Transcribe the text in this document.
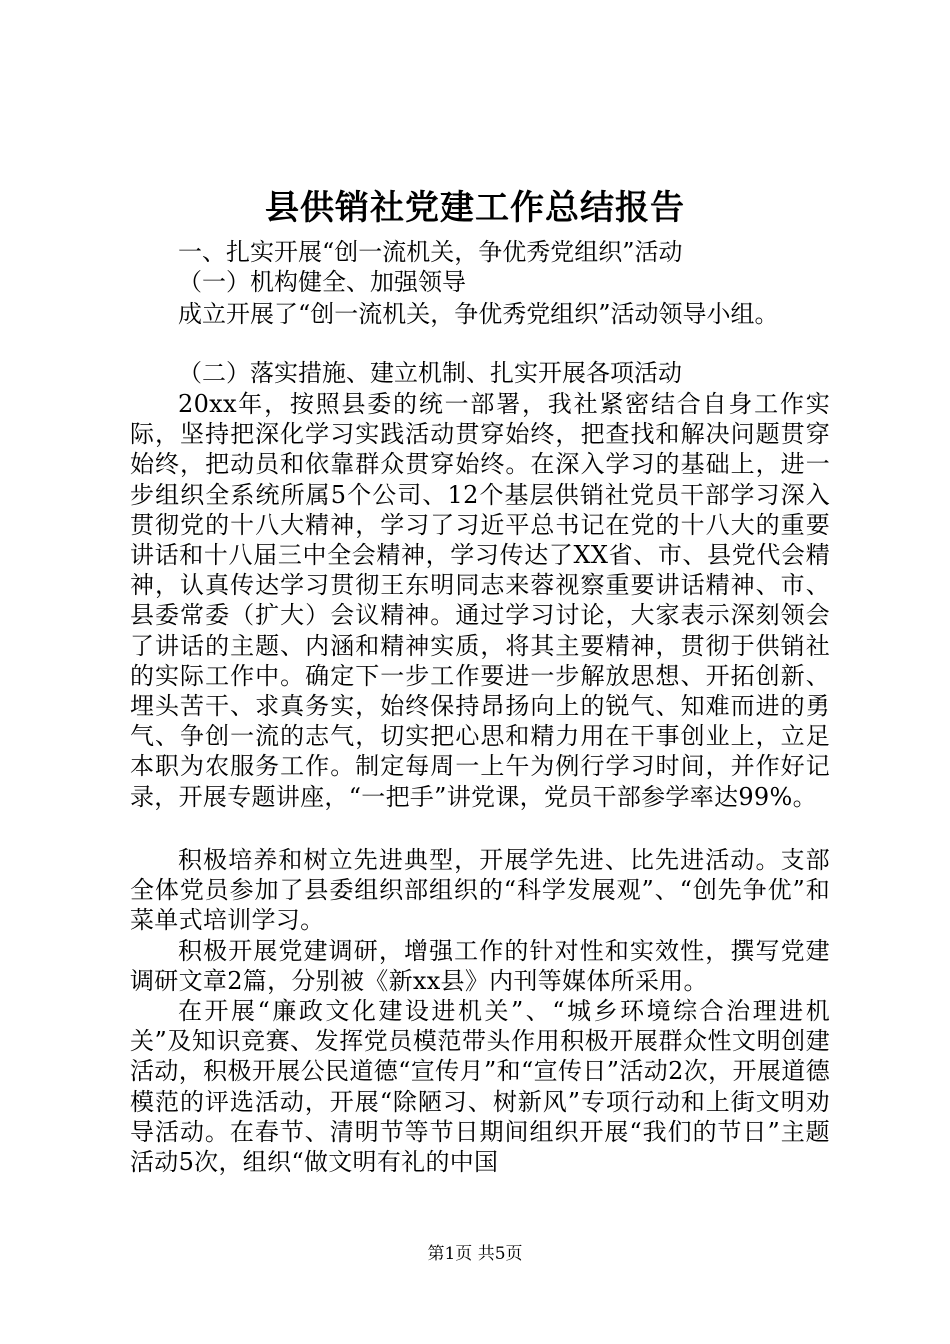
县供销社党建工作总结报告

一、扎实开展“创一流机关，争优秀党组织”活动

（一）机构健全、加强领导

成立开展了“创一流机关，争优秀党组织”活动领导小组。

（二）落实措施、建立机制、扎实开展各项活动

20xx年，按照县委的统一部署，我社紧密结合自身工作实际，坚持把深化学习实践活动贯穿始终，把查找和解决问题贯穿始终，把动员和依靠群众贯穿始终。在深入学习的基础上，进一步组织全系统所属5个公司、12个基层供销社党员干部学习深入贯彻党的十八大精神，学习了习近平总书记在党的十八大的重要讲话和十八届三中全会精神，学习传达了XX省、市、县党代会精神，认真传达学习贯彻王东明同志来蓉视察重要讲话精神、市、县委常委（扩大）会议精神。通过学习讨论，大家表示深刻领会了讲话的主题、内涵和精神实质，将其主要精神，贯彻于供销社的实际工作中。确定下一步工作要进一步解放思想、开拓创新、埋头苦干、求真务实，始终保持昂扬向上的锐气、知难而进的勇气、争创一流的志气，切实把心思和精力用在干事创业上，立足本职为农服务工作。制定每周一上午为例行学习时间，并作好记录，开展专题讲座，“一把手”讲党课，党员干部参学率达99%。

积极培养和树立先进典型，开展学先进、比先进活动。支部全体党员参加了县委组织部组织的“科学发展观”、“创先争优”和菜单式培训学习。

积极开展党建调研，增强工作的针对性和实效性，撰写党建调研文章2篇，分别被《新xx县》内刊等媒体所采用。

在开展“廉政文化建设进机关”、“城乡环境综合治理进机关”及知识竞赛、发挥党员模范带头作用积极开展群众性文明创建活动，积极开展公民道德“宣传月”和“宣传日”活动2次，开展道德模范的评选活动，开展“除陋习、树新风”专项行动和上街文明劝导活动。在春节、清明节等节日期间组织开展“我们的节日”主题活动5次，组织“做文明有礼的中国

第1页 共5页
